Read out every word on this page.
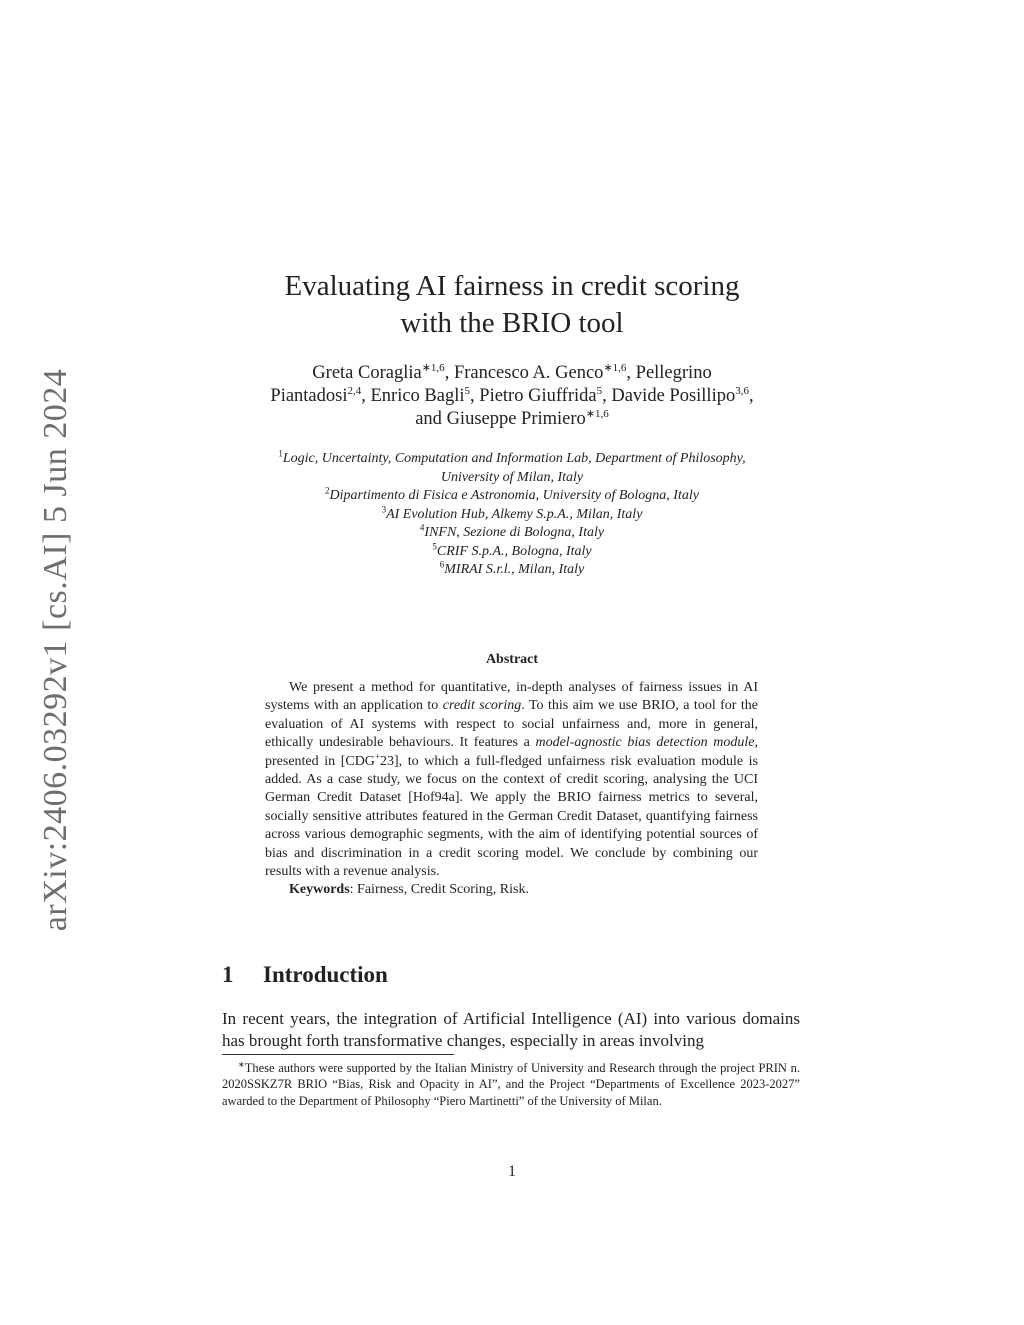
arXiv:2406.03292v1 [cs.AI] 5 Jun 2024
Evaluating AI fairness in credit scoring
with the BRIO tool
Greta Coraglia$^{∗1,6}$, Francesco A. Genco$^{∗1,6}$, Pellegrino
Piantadosi$^{2,4}$, Enrico Bagli$^5$, Pietro Giuffrida$^5$, Davide Posillipo$^{3,6}$,
and Giuseppe Primiero$^{∗1,6}$
$^1$Logic, Uncertainty, Computation and Information Lab, Department of Philosophy,
University of Milan, Italy
$^2$Dipartimento di Fisica e Astronomia, University of Bologna, Italy
$^3$AI Evolution Hub, Alkemy S.p.A., Milan, Italy
$^4$INFN, Sezione di Bologna, Italy
$^5$CRIF S.p.A., Bologna, Italy
$^6$MIRAI S.r.l., Milan, Italy
Abstract

We present a method for quantitative, in-depth analyses of fairness issues in AI systems with an application to credit scoring. To this aim we use BRIO, a tool for the evaluation of AI systems with respect to social unfairness and, more in general, ethically undesirable behaviours. It features a model-agnostic bias detection module, presented in [CDG+23], to which a full-fledged unfairness risk evaluation module is added. As a case study, we focus on the context of credit scoring, analysing the UCI German Credit Dataset [Hof94a]. We apply the BRIO fairness metrics to several, socially sensitive attributes featured in the German Credit Dataset, quantifying fairness across various demographic segments, with the aim of identifying potential sources of bias and discrimination in a credit scoring model. We conclude by combining our results with a revenue analysis.

Keywords: Fairness, Credit Scoring, Risk.

1 Introduction

In recent years, the integration of Artificial Intelligence (AI) into various domains has brought forth transformative changes, especially in areas involving

∗These authors were supported by the Italian Ministry of University and Research through the project PRIN n. 2020SSKZ7R BRIO “Bias, Risk and Opacity in AI”, and the Project “Departments of Excellence 2023-2027” awarded to the Department of Philosophy “Piero Martinetti” of the University of Milan.

1
